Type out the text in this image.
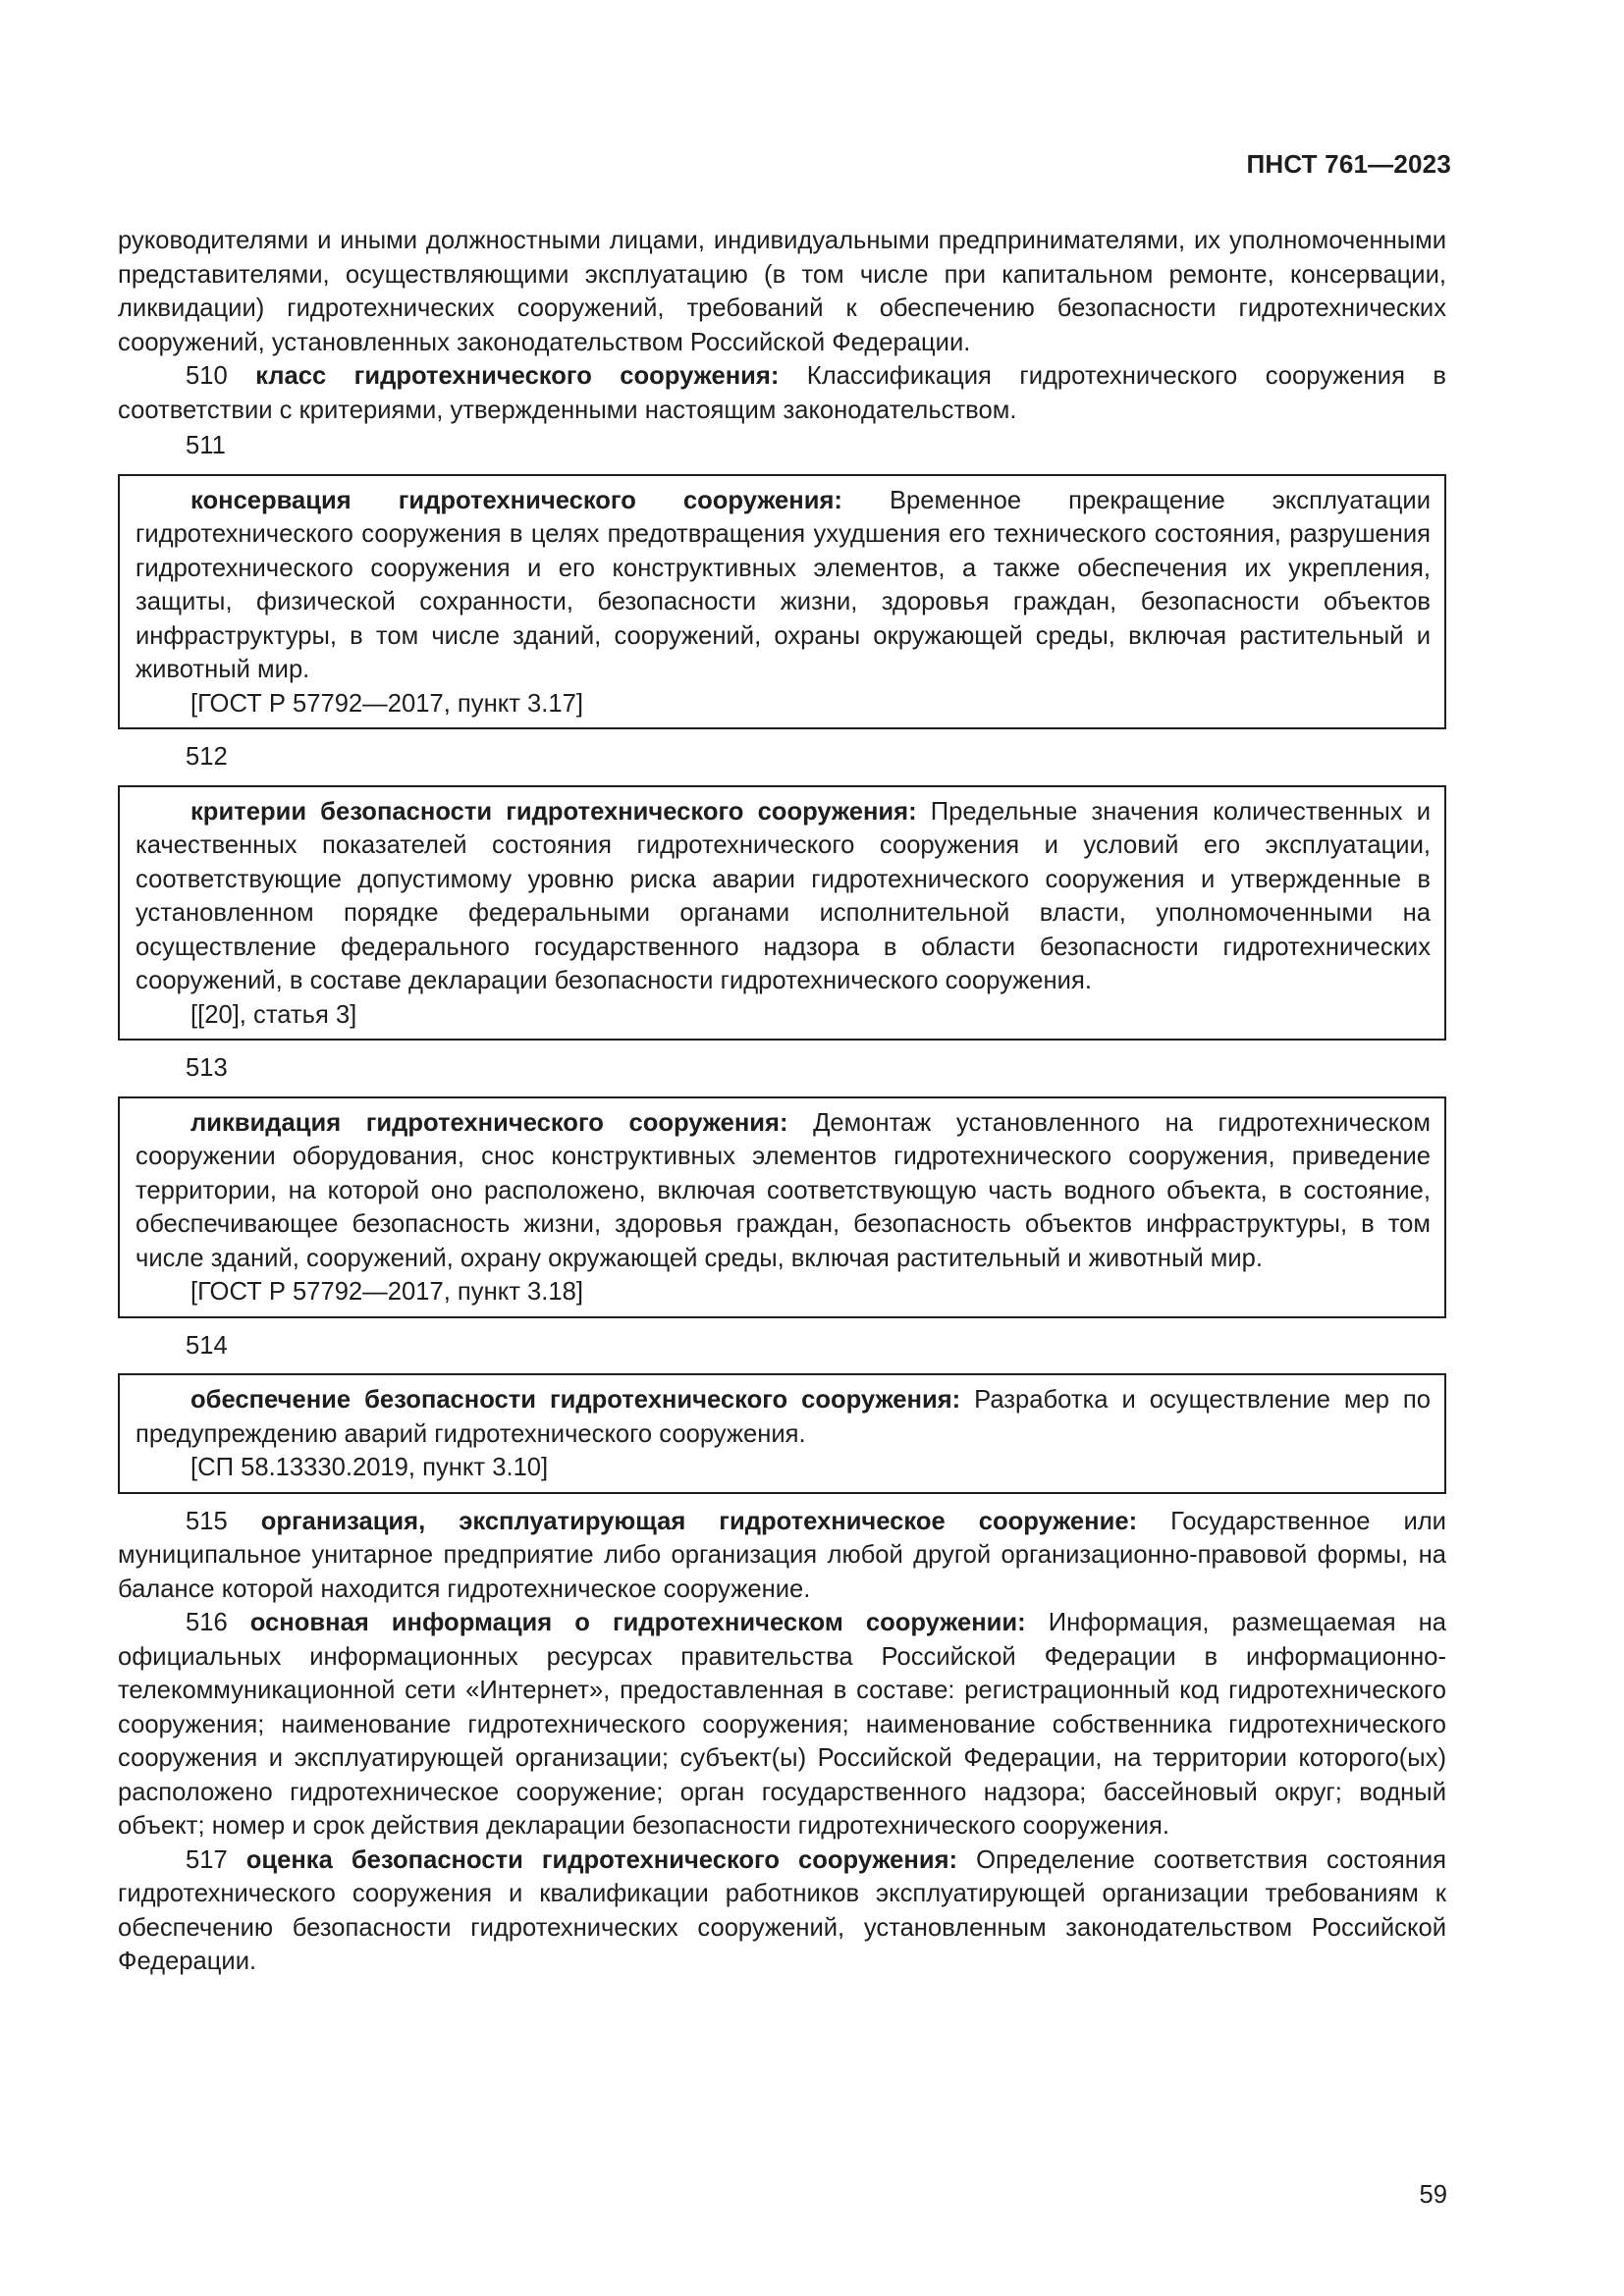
ПНСТ 761—2023

руководителями и иными должностными лицами, индивидуальными предпринимателями, их уполномоченными представителями, осуществляющими эксплуатацию (в том числе при капитальном ремонте, консервации, ликвидации) гидротехнических сооружений, требований к обеспечению безопасности гидротехнических сооружений, установленных законодательством Российской Федерации.

510 класс гидротехнического сооружения: Классификация гидротехнического сооружения в соответствии с критериями, утвержденными настоящим законодательством.

511

консервация гидротехнического сооружения: Временное прекращение эксплуатации гидротехнического сооружения в целях предотвращения ухудшения его технического состояния, разрушения гидротехнического сооружения и его конструктивных элементов, а также обеспечения их укрепления, защиты, физической сохранности, безопасности жизни, здоровья граждан, безопасности объектов инфраструктуры, в том числе зданий, сооружений, охраны окружающей среды, включая растительный и животный мир.

[ГОСТ Р 57792—2017, пункт 3.17]

512

критерии безопасности гидротехнического сооружения: Предельные значения количественных и качественных показателей состояния гидротехнического сооружения и условий его эксплуатации, соответствующие допустимому уровню риска аварии гидротехнического сооружения и утвержденные в установленном порядке федеральными органами исполнительной власти, уполномоченными на осуществление федерального государственного надзора в области безопасности гидротехнических сооружений, в составе декларации безопасности гидротехнического сооружения.

[[20], статья 3]

513

ликвидация гидротехнического сооружения: Демонтаж установленного на гидротехническом сооружении оборудования, снос конструктивных элементов гидротехнического сооружения, приведение территории, на которой оно расположено, включая соответствующую часть водного объекта, в состояние, обеспечивающее безопасность жизни, здоровья граждан, безопасность объектов инфраструктуры, в том числе зданий, сооружений, охрану окружающей среды, включая растительный и животный мир.

[ГОСТ Р 57792—2017, пункт 3.18]

514

обеспечение безопасности гидротехнического сооружения: Разработка и осуществление мер по предупреждению аварий гидротехнического сооружения.

[СП 58.13330.2019, пункт 3.10]

515 организация, эксплуатирующая гидротехническое сооружение: Государственное или муниципальное унитарное предприятие либо организация любой другой организационно-правовой формы, на балансе которой находится гидротехническое сооружение.

516 основная информация о гидротехническом сооружении: Информация, размещаемая на официальных информационных ресурсах правительства Российской Федерации в информационно-телекоммуникационной сети «Интернет», предоставленная в составе: регистрационный код гидротехнического сооружения; наименование гидротехнического сооружения; наименование собственника гидротехнического сооружения и эксплуатирующей организации; субъект(ы) Российской Федерации, на территории которого(ых) расположено гидротехническое сооружение; орган государственного надзора; бассейновый округ; водный объект; номер и срок действия декларации безопасности гидротехнического сооружения.

517 оценка безопасности гидротехнического сооружения: Определение соответствия состояния гидротехнического сооружения и квалификации работников эксплуатирующей организации требованиям к обеспечению безопасности гидротехнических сооружений, установленным законодательством Российской Федерации.

59
